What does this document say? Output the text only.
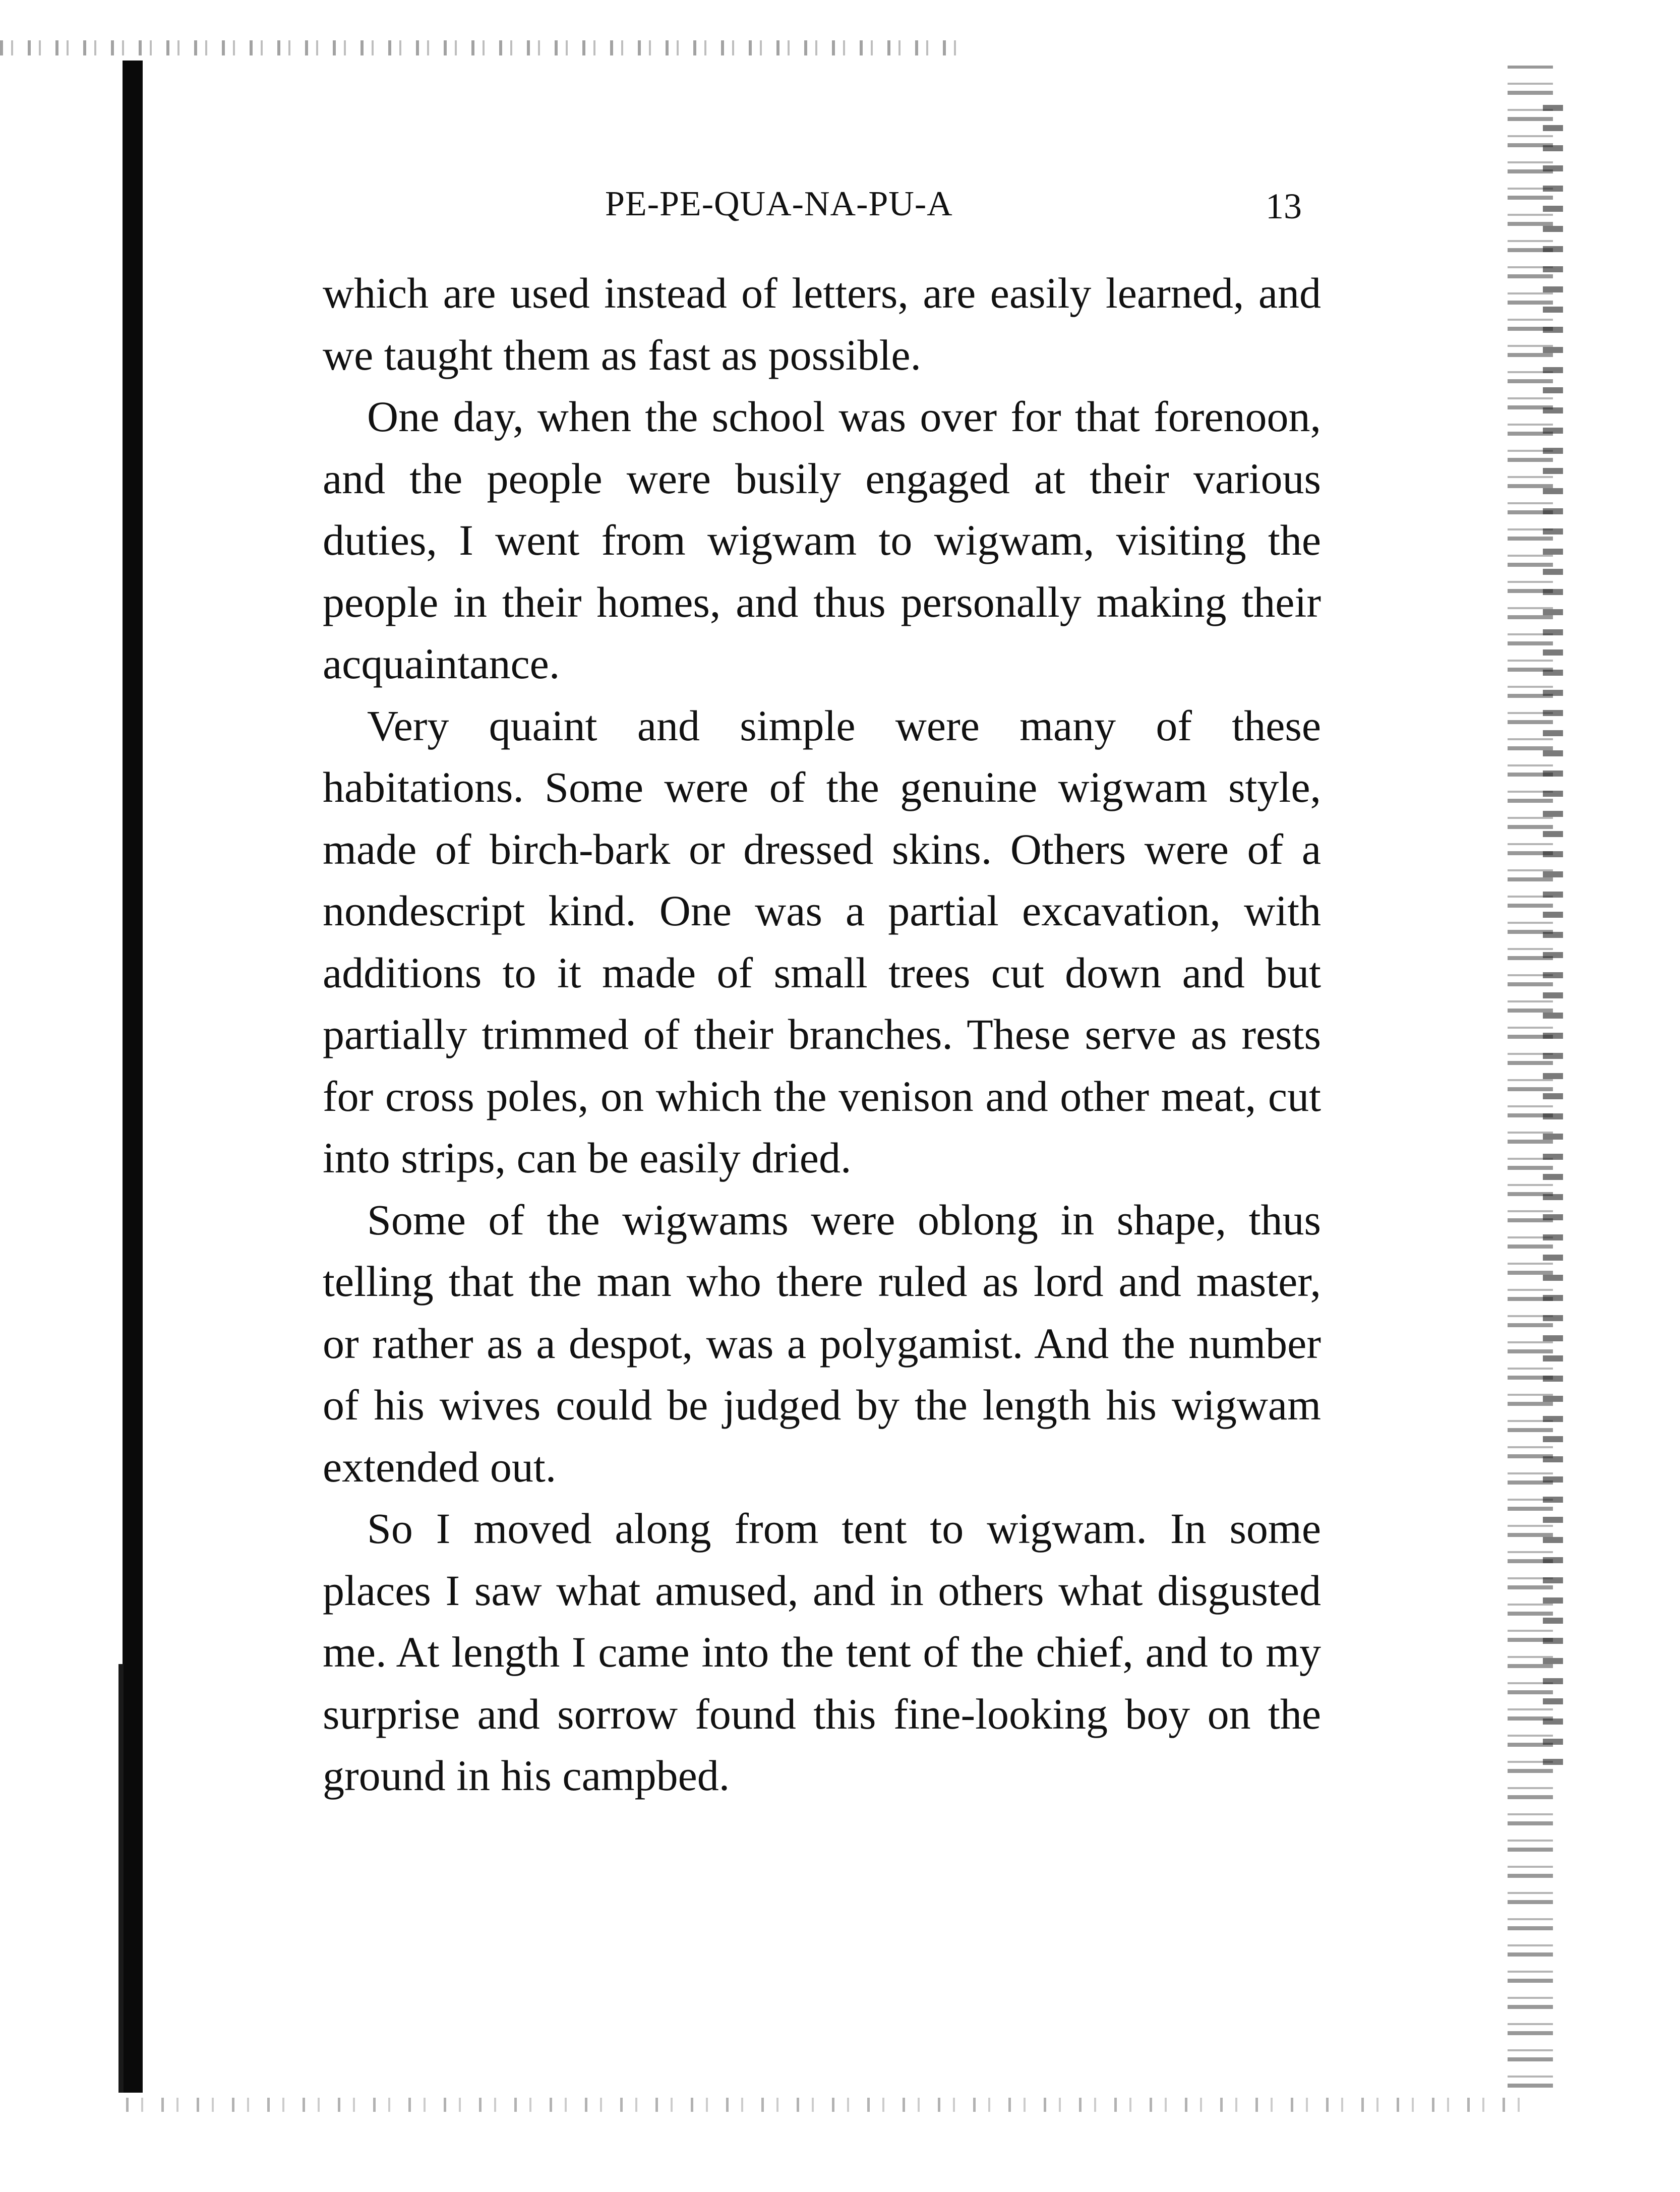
PE-PE-QUA-NA-PU-A	13

which are used instead of letters, are easily learned, and we taught them as fast as possible.

One day, when the school was over for that forenoon, and the people were busily engaged at their various duties, I went from wigwam to wigwam, visiting the people in their homes, and thus personally making their acquaintance.

Very quaint and simple were many of these habitations. Some were of the genuine wigwam style, made of birch-bark or dressed skins. Others were of a nondescript kind. One was a partial excavation, with additions to it made of small trees cut down and but partially trimmed of their branches. These serve as rests for cross poles, on which the venison and other meat, cut into strips, can be easily dried.

Some of the wigwams were oblong in shape, thus telling that the man who there ruled as lord and master, or rather as a despot, was a polygamist. And the number of his wives could be judged by the length his wigwam extended out.

So I moved along from tent to wigwam. In some places I saw what amused, and in others what disgusted me. At length I came into the tent of the chief, and to my surprise and sorrow found this fine-looking boy on the ground in his campbed.
